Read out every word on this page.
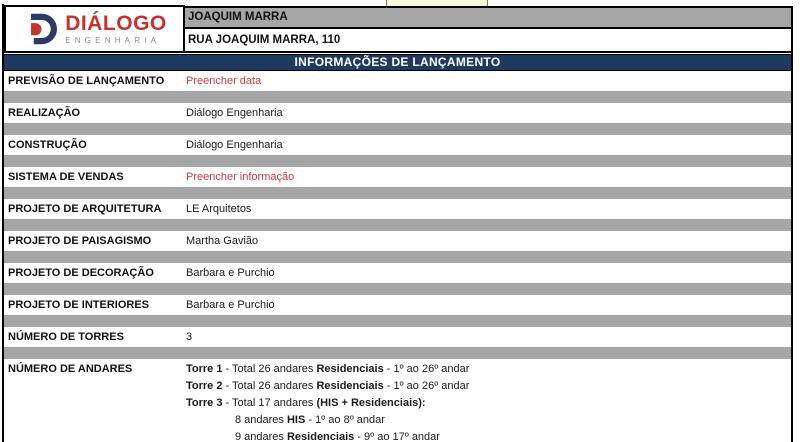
DIÁLOGO
ENGENHARIA
JOAQUIM MARRA
RUA JOAQUIM MARRA, 110
INFORMAÇÕES DE LANÇAMENTO
PREVISÃO DE LANÇAMENTO Preencher data
REALIZAÇÃO	Diálogo Engenharia
CONSTRUÇÃO	Diálogo Engenharia
SISTEMA DE VENDAS	Preencher informação
PROJETO DE ARQUITETURA LE Arquitetos
PROJETO DE PAISAGISMO	Martha Gavião
PROJETO DE DECORAÇÃO	Barbara e Purchio
PROJETO DE INTERIORES	Barbara e Purchio
NÚMERO DE TORRES	3
NÚMERO DE ANDARES	Torre 1 - Total 26 andares Residenciais - 1º ao 26º andar
Torre 2 - Total 26 andares Residenciais - 1º ao 26º andar
Torre 3 - Total 17 andares (HIS + Residenciais):
8 andares HIS - 1º ao 8º andar
9 andares Residenciais - 9º ao 17º andar
